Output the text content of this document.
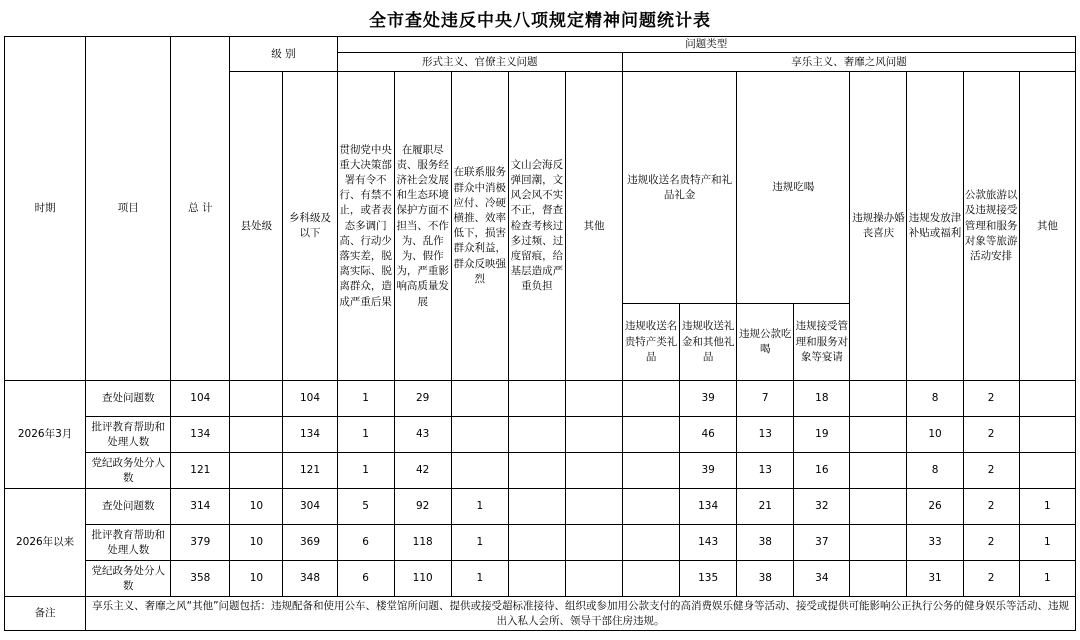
全市查处违反中央八项规定精神问题统计表
时期	项目	总 计	级 别		问题类型												
					形式主义、官僚主义问题					享乐主义、奢靡之风问题							
			县处级	乡科级及以下	贯彻党中央重大决策部署有令不行、有禁不止，或者表态多调门高、行动少落实差，脱离实际、脱离群众，造成严重后果	在履职尽责、服务经济社会发展和生态环境保护方面不担当、不作为、乱作为、假作为，严重影响高质量发展	在联系服务群众中消极应付、冷硬横推、效率低下，损害群众利益，群众反映强烈	文山会海反弹回潮，文风会风不实不正，督查检查考核过多过频、过度留痕，给基层造成严重负担	其他	违规收送名贵特产和礼品礼金		违规吃喝		违规操办婚丧喜庆	违规发放津补贴或福利	公款旅游以及违规接受管理和服务对象等旅游活动安排	其他
										违规收送名贵特产类礼品	违规收送礼金和其他礼品	违规公款吃喝	违规接受管理和服务对象等宴请				
2026年3月	查处问题数	104		104	1	29					39	7	18		8	2	
	批评教育帮助和处理人数	134		134	1	43					46	13	19		10	2	
	党纪政务处分人数	121		121	1	42					39	13	16		8	2	
2026年以来	查处问题数	314	10	304	5	92	1				134	21	32		26	2	1
	批评教育帮助和处理人数	379	10	369	6	118	1				143	38	37		33	2	1
	党纪政务处分人数	358	10	348	6	110	1				135	38	34		31	2	1
备注	享乐主义、奢靡之风“其他”问题包括：违规配备和使用公车、楼堂馆所问题、提供或接受超标准接待、组织或参加用公款支付的高消费娱乐健身等活动、接受或提供可能影响公正执行公务的健身娱乐等活动、违规出入私人会所、领导干部住房违规。																
